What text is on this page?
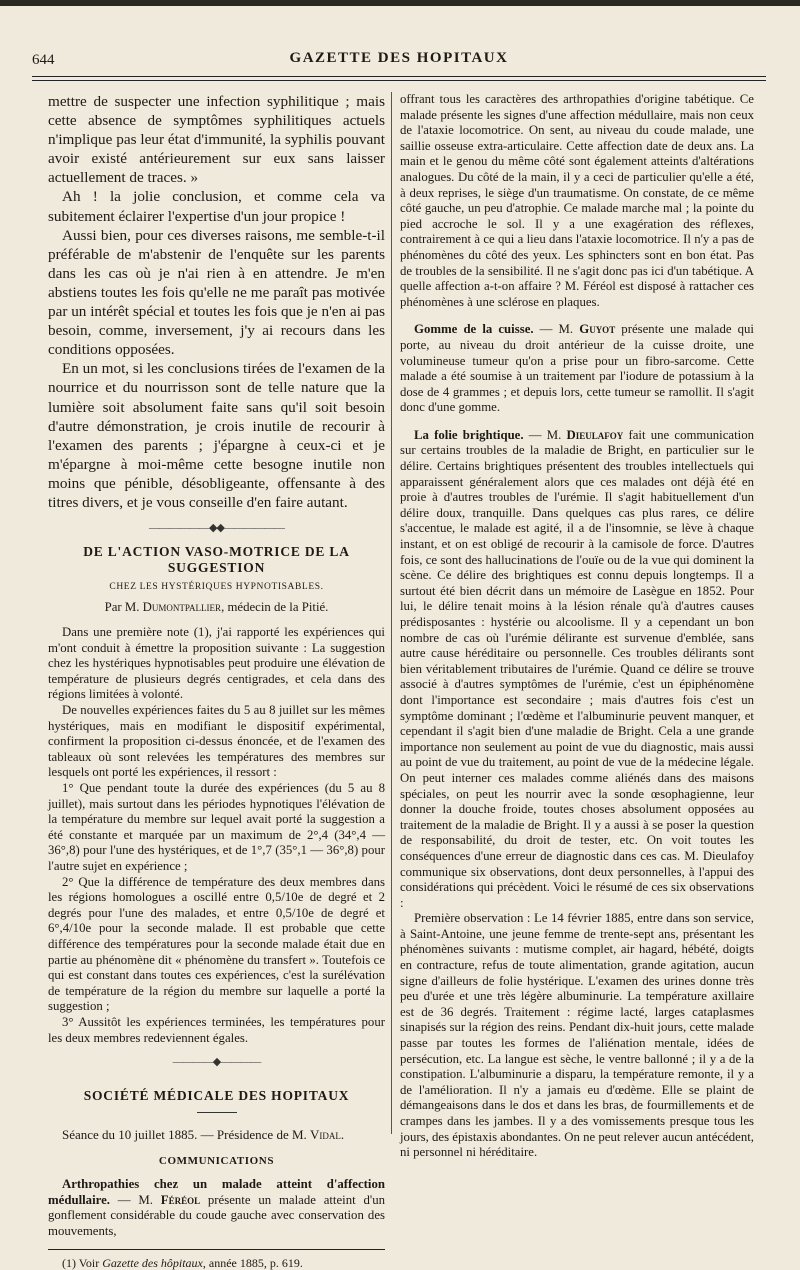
644	GAZETTE DES HOPITAUX

mettre de suspecter une infection syphilitique ; mais cette absence de symptômes syphilitiques actuels n'implique pas leur état d'immunité, la syphilis pouvant avoir existé antérieurement sur eux sans laisser actuellement de traces. »

Ah ! la jolie conclusion, et comme cela va subitement éclairer l'expertise d'un jour propice !

Aussi bien, pour ces diverses raisons, me semble-t-il préférable de m'abstenir de l'enquête sur les parents dans les cas où je n'ai rien à en attendre. Je m'en abstiens toutes les fois qu'elle ne me paraît pas motivée par un intérêt spécial et toutes les fois que je n'en ai pas besoin, comme, inversement, j'y ai recours dans les conditions opposées.

En un mot, si les conclusions tirées de l'examen de la nourrice et du nourrisson sont de telle nature que la lumière soit absolument faite sans qu'il soit besoin d'autre démonstration, je crois inutile de recourir à l'examen des parents ; j'épargne à ceux-ci et je m'épargne à moi-même cette besogne inutile non moins que pénible, désobligeante, offensante à des titres divers, et je vous conseille d'en faire autant.

——————◆◆——————
DE L'ACTION VASO-MOTRICE DE LA SUGGESTION
CHEZ LES HYSTÉRIQUES HYPNOTISABLES.
Par M. Dumontpallier, médecin de la Pitié.

Dans une première note (1), j'ai rapporté les expériences qui m'ont conduit à émettre la proposition suivante : La suggestion chez les hystériques hypnotisables peut produire une élévation de température de plusieurs degrés centigrades, et cela dans des régions limitées à volonté.

De nouvelles expériences faites du 5 au 8 juillet sur les mêmes hystériques, mais en modifiant le dispositif expérimental, confirment la proposition ci-dessus énoncée, et de l'examen des tableaux où sont relevées les températures des membres sur lesquels ont porté les expériences, il ressort :

1° Que pendant toute la durée des expériences (du 5 au 8 juillet), mais surtout dans les périodes hypnotiques l'élévation de la température du membre sur lequel avait porté la suggestion a été constante et marquée par un maximum de 2°,4 (34°,4 — 36°,8) pour l'une des hystériques, et de 1°,7 (35°,1 — 36°,8) pour l'autre sujet en expérience ;

2° Que la différence de température des deux membres dans les régions homologues a oscillé entre 0,5/10e de degré et 2 degrés pour l'une des malades, et entre 0,5/10e de degré et 6°,4/10e pour la seconde malade. Il est probable que cette différence des températures pour la seconde malade était due en partie au phénomène dit « phénomène du transfert ». Toutefois ce qui est constant dans toutes ces expériences, c'est la surélévation de température de la région du membre sur laquelle a porté la suggestion ;

3° Aussitôt les expériences terminées, les températures pour les deux membres redeviennent égales.

————◆————
SOCIÉTÉ MÉDICALE DES HOPITAUX

Séance du 10 juillet 1885. — Présidence de M. Vidal.

COMMUNICATIONS

Arthropathies chez un malade atteint d'affection médullaire. — M. Féréol présente un malade atteint d'un gonflement considérable du coude gauche avec conservation des mouvements,

(1) Voir Gazette des hôpitaux, année 1885, p. 619.

offrant tous les caractères des arthropathies d'origine tabétique. Ce malade présente les signes d'une affection médullaire, mais non ceux de l'ataxie locomotrice. On sent, au niveau du coude malade, une saillie osseuse extra-articulaire. Cette affection date de deux ans. La main et le genou du même côté sont également atteints d'altérations analogues. Du côté de la main, il y a ceci de particulier qu'elle a été, à deux reprises, le siège d'un traumatisme. On constate, de ce même côté gauche, un peu d'atrophie. Ce malade marche mal ; la pointe du pied accroche le sol. Il y a une exagération des réflexes, contrairement à ce qui a lieu dans l'ataxie locomotrice. Il n'y a pas de phénomènes du côté des yeux. Les sphincters sont en bon état. Pas de troubles de la sensibilité. Il ne s'agit donc pas ici d'un tabétique. A quelle affection a-t-on affaire ? M. Féréol est disposé à rattacher ces phénomènes à une sclérose en plaques.

Gomme de la cuisse. — M. Guyot présente une malade qui porte, au niveau du droit antérieur de la cuisse droite, une volumineuse tumeur qu'on a prise pour un fibro-sarcome. Cette malade a été soumise à un traitement par l'iodure de potassium à la dose de 4 grammes ; et depuis lors, cette tumeur se ramollit. Il s'agit donc d'une gomme.

La folie brightique. — M. Dieulafoy fait une communication sur certains troubles de la maladie de Bright, en particulier sur le délire. Certains brightiques présentent des troubles intellectuels qui apparaissent généralement alors que ces malades ont déjà été en proie à d'autres troubles de l'urémie. Il s'agit habituellement d'un délire doux, tranquille. Dans quelques cas plus rares, ce délire s'accentue, le malade est agité, il a de l'insomnie, se lève à chaque instant, et on est obligé de recourir à la camisole de force. D'autres fois, ce sont des hallucinations de l'ouïe ou de la vue qui dominent la scène. Ce délire des brightiques est connu depuis longtemps. Il a surtout été bien décrit dans un mémoire de Lasègue en 1852. Pour lui, le délire tenait moins à la lésion rénale qu'à d'autres causes prédisposantes : hystérie ou alcoolisme. Il y a cependant un bon nombre de cas où l'urémie délirante est survenue d'emblée, sans autre cause héréditaire ou personnelle. Ces troubles délirants sont bien véritablement tributaires de l'urémie. Quand ce délire se trouve associé à d'autres symptômes de l'urémie, c'est un épiphénomène dont l'importance est secondaire ; mais d'autres fois c'est un symptôme dominant ; l'œdème et l'albuminurie peuvent manquer, et cependant il s'agit bien d'une maladie de Bright. Cela a une grande importance non seulement au point de vue du diagnostic, mais aussi au point de vue du traitement, au point de vue de la médecine légale. On peut interner ces malades comme aliénés dans des maisons spéciales, on peut les nourrir avec la sonde œsophagienne, leur donner la douche froide, toutes choses absolument opposées au traitement de la maladie de Bright. Il y a aussi à se poser la question de responsabilité, du droit de tester, etc. On voit toutes les conséquences d'une erreur de diagnostic dans ces cas. M. Dieulafoy communique six observations, dont deux personnelles, à l'appui des considérations qui précèdent. Voici le résumé de ces six observations :

Première observation : Le 14 février 1885, entre dans son service, à Saint-Antoine, une jeune femme de trente-sept ans, présentant les phénomènes suivants : mutisme complet, air hagard, hébété, doigts en contracture, refus de toute alimentation, grande agitation, aucun signe d'ailleurs de folie hystérique. L'examen des urines donne très peu d'urée et une très légère albuminurie. La température axillaire est de 36 degrés. Traitement : régime lacté, larges cataplasmes sinapisés sur la région des reins. Pendant dix-huit jours, cette malade passe par toutes les formes de l'aliénation mentale, idées de persécution, etc. La langue est sèche, le ventre ballonné ; il y a de la constipation. L'albuminurie a disparu, la température remonte, il y a de l'amélioration. Il n'y a jamais eu d'œdème. Elle se plaint de démangeaisons dans le dos et dans les bras, de fourmillements et de crampes dans les jambes. Il y a des vomissements presque tous les jours, des épistaxis abondantes. On ne peut relever aucun antécédent, ni personnel ni héréditaire.
